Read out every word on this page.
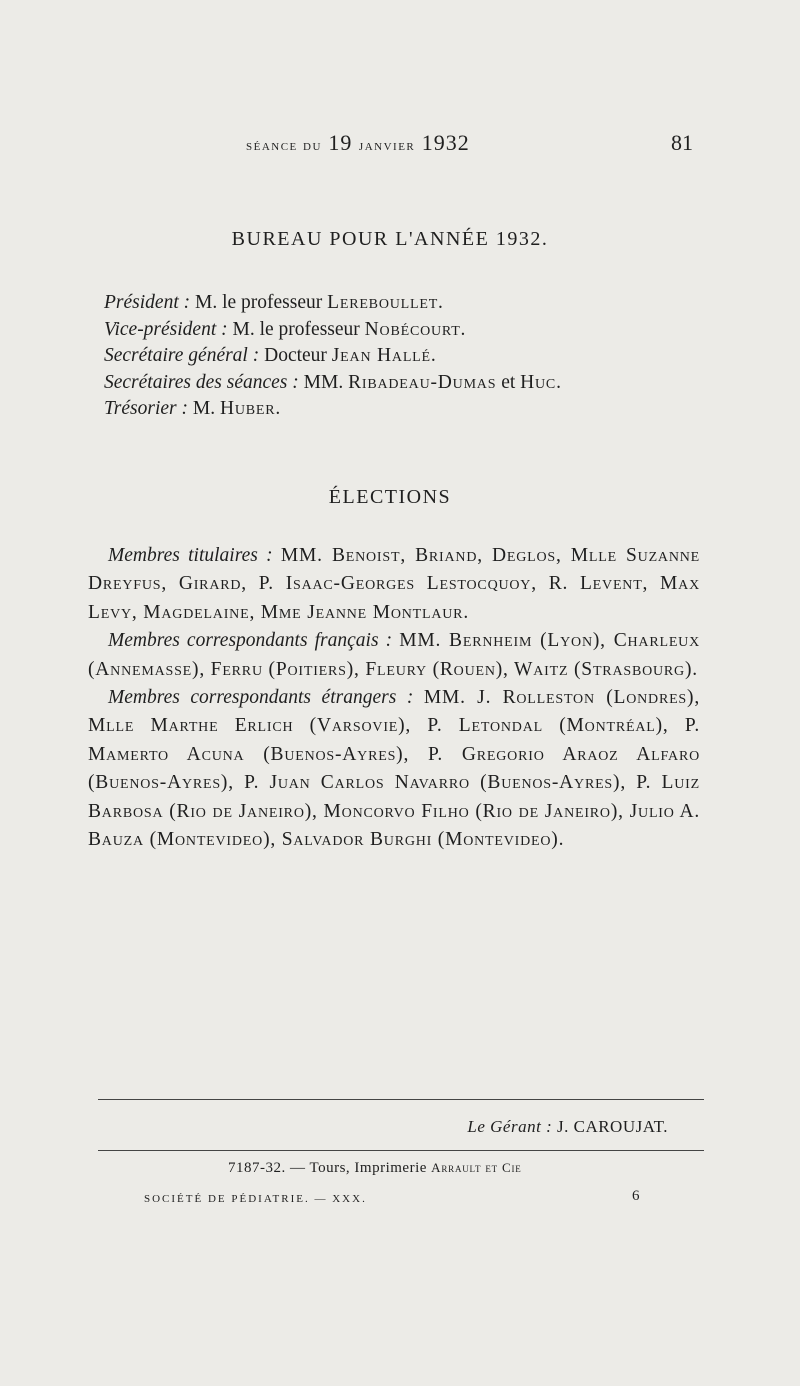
séance du 19 janvier 1932	81
BUREAU POUR L'ANNÉE 1932.
Président : M. le professeur Lereboullet.
Vice-président : M. le professeur Nobécourt.
Secrétaire général : Docteur Jean Hallé.
Secrétaires des séances : MM. Ribadeau-Dumas et Huc.
Trésorier : M. Huber.
ÉLECTIONS

Membres titulaires : MM. Benoist, Briand, Deglos, Mlle Suzanne Dreyfus, Girard, P. Isaac-Georges Lestocquoy, R. Levent, Max Levy, Magdelaine, Mme Jeanne Montlaur.

Membres correspondants français : MM. Bernheim (Lyon), Charleux (Annemasse), Ferru (Poitiers), Fleury (Rouen), Waitz (Strasbourg).

Membres correspondants étrangers : MM. J. Rolleston (Londres), Mlle Marthe Erlich (Varsovie), P. Letondal (Montréal), P. Mamerto Acuna (Buenos-Ayres), P. Gregorio Araoz Alfaro (Buenos-Ayres), P. Juan Carlos Navarro (Buenos-Ayres), P. Luiz Barbosa (Rio de Janeiro), Moncorvo Filho (Rio de Janeiro), Julio A. Bauza (Montevideo), Salvador Burghi (Montevideo).

Le Gérant : J. CAROUJAT.
7187-32. — Tours, Imprimerie Arrault et Cie
SOCIÉTÉ DE PÉDIATRIE. — XXX.	6
